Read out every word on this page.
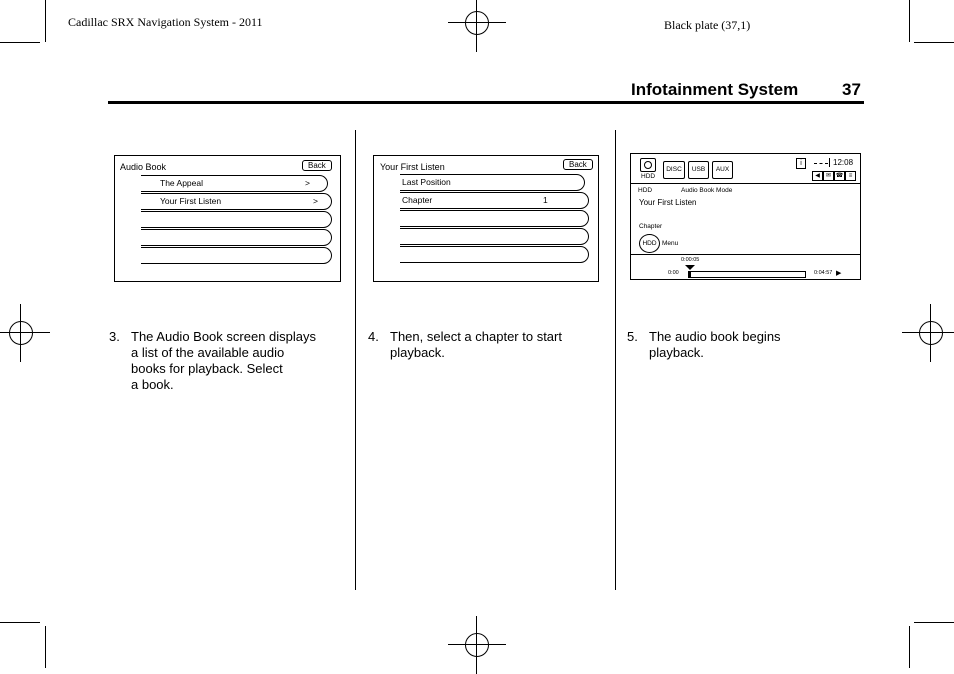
Cadillac SRX Navigation System - 2011	Black plate (37,1)
Infotainment System	37
Audio Book	Back
The Appeal	>
Your First Listen	>
3. The Audio Book screen displays
a list of the available audio
books for playback. Select
a book.
Your First Listen	Back
Last Position
Chapter	1
4. Then, select a chapter to start
playback.
HDD
DISC	USB	AUX
i	12:08
◀	✉ ☎ ≡
HDD	Audio Book Mode
Your First Listen
Chapter
HDD Menu
0:00:05
0:00	0:04:57 ▶
5. The audio book begins
playback.
